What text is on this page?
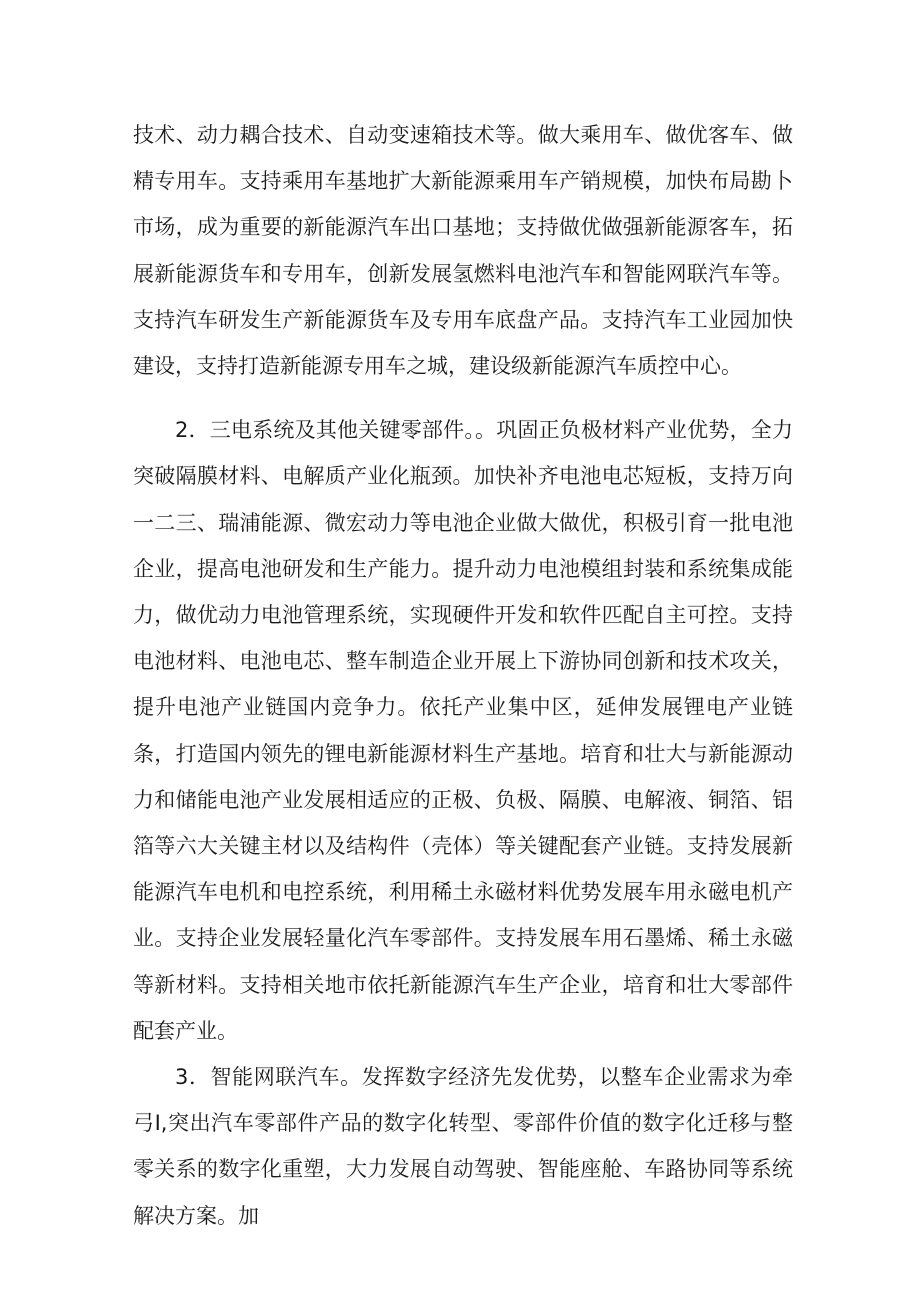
技术、动力耦合技术、自动变速箱技术等。做大乘用车、做优客车、做精专用车。支持乘用车基地扩大新能源乘用车产销规模，加快布局勘卜市场，成为重要的新能源汽车出口基地；支持做优做强新能源客车，拓展新能源货车和专用车，创新发展氢燃料电池汽车和智能网联汽车等。支持汽车研发生产新能源货车及专用车底盘产品。支持汽车工业园加快建设，支持打造新能源专用车之城，建设级新能源汽车质控中心。

2．三电系统及其他关键零部件。。巩固正负极材料产业优势，全力突破隔膜材料、电解质产业化瓶颈。加快补齐电池电芯短板，支持万向一二三、瑞浦能源、微宏动力等电池企业做大做优，积极引育一批电池企业，提高电池研发和生产能力。提升动力电池模组封装和系统集成能力，做优动力电池管理系统，实现硬件开发和软件匹配自主可控。支持电池材料、电池电芯、整车制造企业开展上下游协同创新和技术攻关，提升电池产业链国内竞争力。依托产业集中区，延伸发展锂电产业链条，打造国内领先的锂电新能源材料生产基地。培育和壮大与新能源动力和储能电池产业发展相适应的正极、负极、隔膜、电解液、铜箔、铝箔等六大关键主材以及结构件（壳体）等关键配套产业链。支持发展新能源汽车电机和电控系统，利用稀土永磁材料优势发展车用永磁电机产业。支持企业发展轻量化汽车零部件。支持发展车用石墨烯、稀土永磁等新材料。支持相关地市依托新能源汽车生产企业，培育和壮大零部件配套产业。

3．智能网联汽车。发挥数字经济先发优势，以整车企业需求为牵弓I,突出汽车零部件产品的数字化转型、零部件价值的数字化迁移与整零关系的数字化重塑，大力发展自动驾驶、智能座舱、车路协同等系统解决方案。加
